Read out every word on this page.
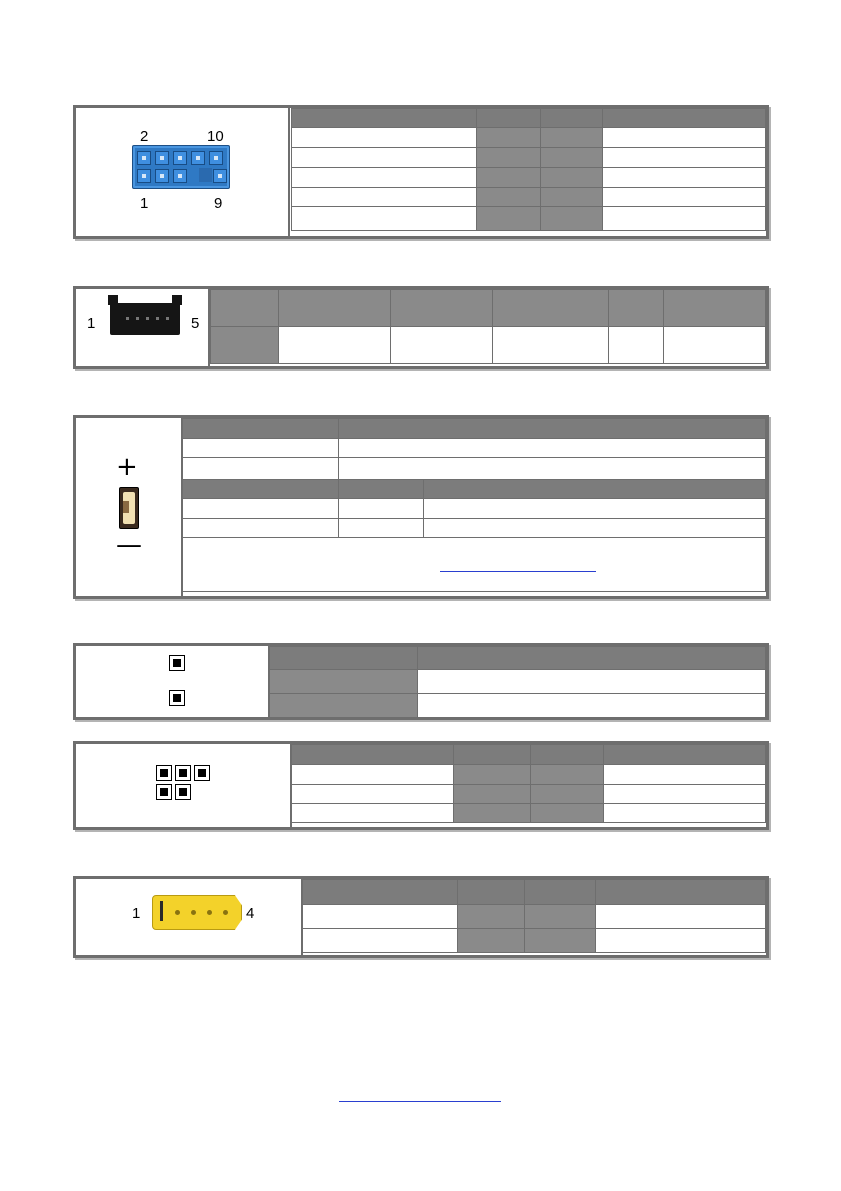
2	10
1	9

1	5

+
—

1	4
